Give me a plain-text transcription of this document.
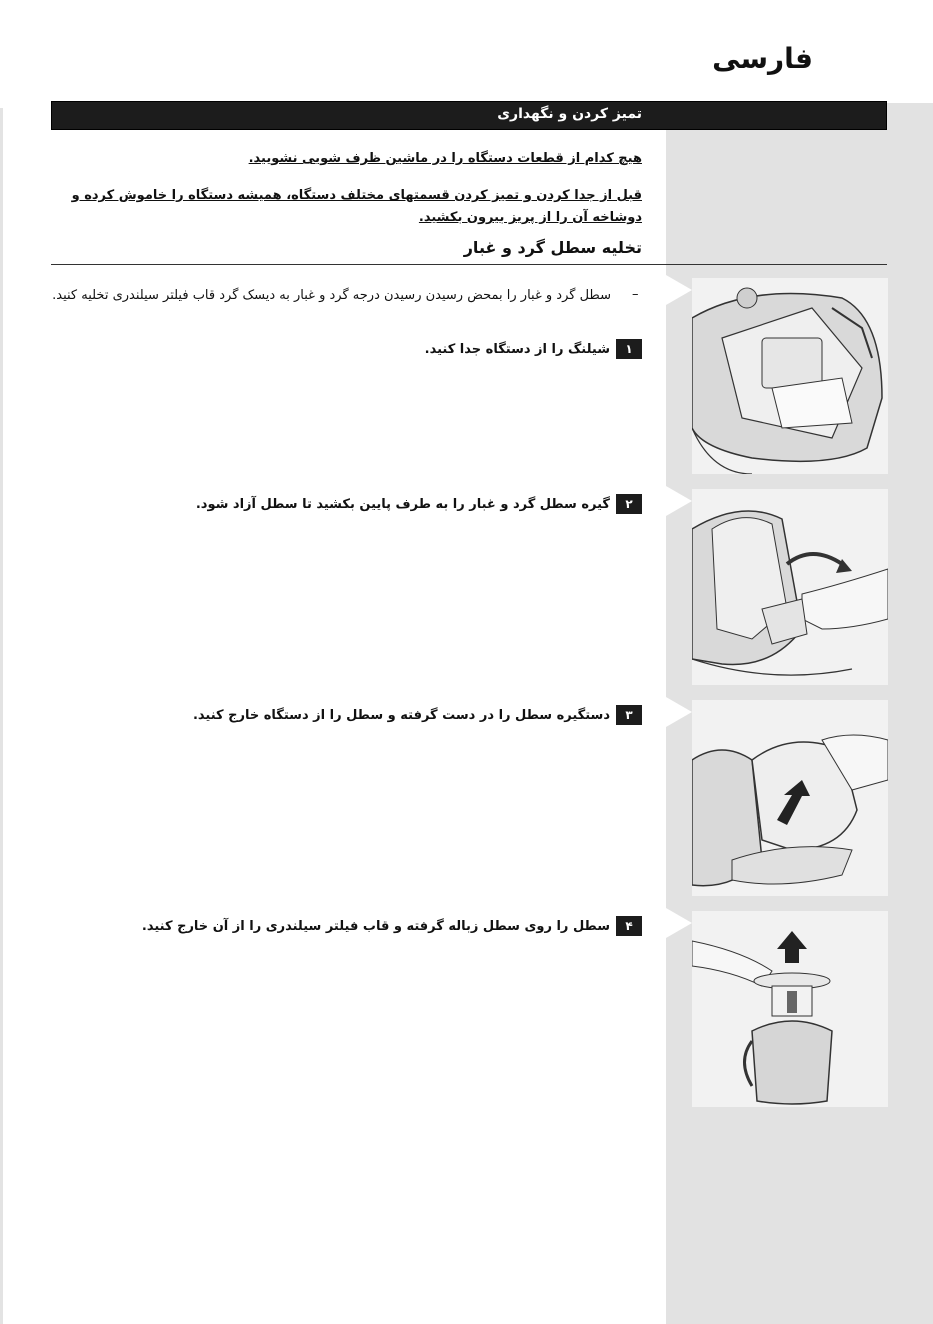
فارسی
تمیز کردن و نگهداری
هیچ کدام از قطعات دستگاه را در ماشین ظرف شویی نشویید.
قبل از جدا کردن و تمیز کردن قسمتهای مختلف دستگاه، همیشه دستگاه را خاموش کرده و دوشاخه آن را از پریز بیرون بکشید.
تخلیه سطل گرد و غبار
–
سطل گرد و غبار را بمحض رسیدن رسیدن درجه گرد و غبار به دیسک گرد قاب فیلتر سیلندری تخلیه کنید.
١
شیلنگ را از دستگاه جدا کنید.
٢
گیره سطل گرد و غبار را به طرف پایین بکشید تا سطل آزاد شود.
٣
دستگیره سطل را در دست گرفته و سطل را از دستگاه خارج کنید.
۴
سطل را روی سطل زباله گرفته و قاب فیلتر سیلندری را از آن خارج کنید.
